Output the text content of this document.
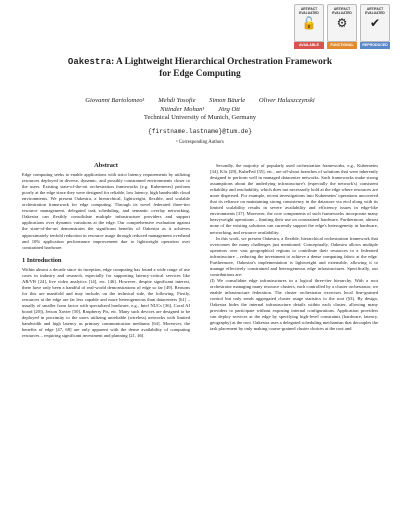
ARTIFACT
EVALUATED
🔓
AVAILABLE
ARTIFACT
EVALUATED
⚙
FUNCTIONAL
ARTIFACT
EVALUATED
✔
REPRODUCED
Oakestra: A Lightweight Hierarchical Orchestration Framework
for Edge Computing
Giovanni Bartolomeo¹ Mehdi Yosofie Simon Bäurle Oliver Haluszczynski
Nitinder Mohan¹ Jörg Ott
Technical University of Munich, Germany
{firstname.lastname}@tum.de}
¹ Corresponding Authors
Abstract

Edge computing seeks to enable applications with strict latency requirements by utilizing resources deployed in diverse, dynamic, and possibly constrained environments closer to the users. Existing state-of-the-art orchestration frameworks (e.g. Kubernetes) perform poorly at the edge since they were designed for reliable, low latency, high bandwidth cloud environments. We present Oakestra, a hierarchical, lightweight, flexible, and scalable orchestration framework for edge computing. Through its novel federated three-tier resource management, delegated task scheduling, and semantic overlay networking, Oakestra can flexibly consolidate multiple infrastructure providers and support applications over dynamic variations at the edge. Our comprehensive evaluation against the state-of-the-art demonstrates the significant benefits of Oakestra as it achieves approximately tenfold reduction in resource usage through reduced management overhead and 10% application performance improvement due to lightweight operation over constrained hardware.

1 Introduction

Within almost a decade since its inception, edge computing has found a wide range of use cases in industry and research, especially for supporting latency-critical services like AR/VR [24], live video analytics [14], etc. [46]. However, despite significant interest, there have only been a handful of real-world demonstrations of edge so far [49]. Reasons for this are manifold and may include, on the technical side, the following. Firstly, resources at the edge are far less capable and more heterogeneous than datacenters [61] – usually of smaller form factor with specialized hardware, e.g., Intel NUCs [36], Coral AI board [20]), Jetson Xavier [50], Raspberry Pis, etc. Many such devices are designed to be deployed in proximity to the users utilizing unreliable (wireless) networks with limited bandwidth and high latency as primary communication mediums [64]. Moreover, the benefits of edge [47, 68] are only apparent with the dense availability of computing resources – requiring significant investment and planning [21, 46].

Secondly, the majority of popularly used orchestration frameworks, e.g., Kubernetes [34], K3s [29], KubeFed [35], etc., are off-shoot branches of solutions that were inherently designed to perform well in managed datacenter networks. Such frameworks make strong assumptions about the underlying infrastructure's (especially the network's) consistent reliability and reachability, which does not necessarily hold at the edge where resources are more dispersed. For example, recent investigations into Kubernetes' operations uncovered that its reliance on maintaining strong consistency in the datastore via etcd along with its limited scalability results in severe availability and efficiency issues in edge-like environments [37]. Moreover, the core components of such frameworks incorporate many heavyweight operations – limiting their use on constrained hardware. Furthermore, almost none of the existing solutions can currently support the edge's heterogeneity in hardware, networking, and resource availability.

In this work, we present Oakestra, a flexible, hierarchical orchestration framework that overcomes the many challenges just mentioned. Conceptually, Oakestra allows multiple operators over vast geographical regions to contribute their resources to a federated infrastructure – reducing the investment to achieve a dense computing fabric at the edge. Furthermore, Oakestra's implementation is lightweight and extensible, allowing it to manage effectively constrained and heterogeneous edge infrastructures. Specifically, our contributions are:

(I) We consolidate edge infrastructures in a logical three-tier hierarchy. With a root orchestrator managing many resource clusters, each controlled by a cluster orchestrator, we enable infrastructure federation. The cluster orchestrator exercises local fine-grained control but only sends aggregated cluster usage statistics to the root (§3). By design, Oakestra hides the internal infrastructure details within each cluster, allowing many providers to participate without exposing internal configurations. Application providers can deploy services at the edge by specifying high-level constraints (hardware, latency, geography) at the root. Oakestra uses a delegated scheduling mechanism that decouples the task placement by only making coarse-grained cluster choices at the root and
